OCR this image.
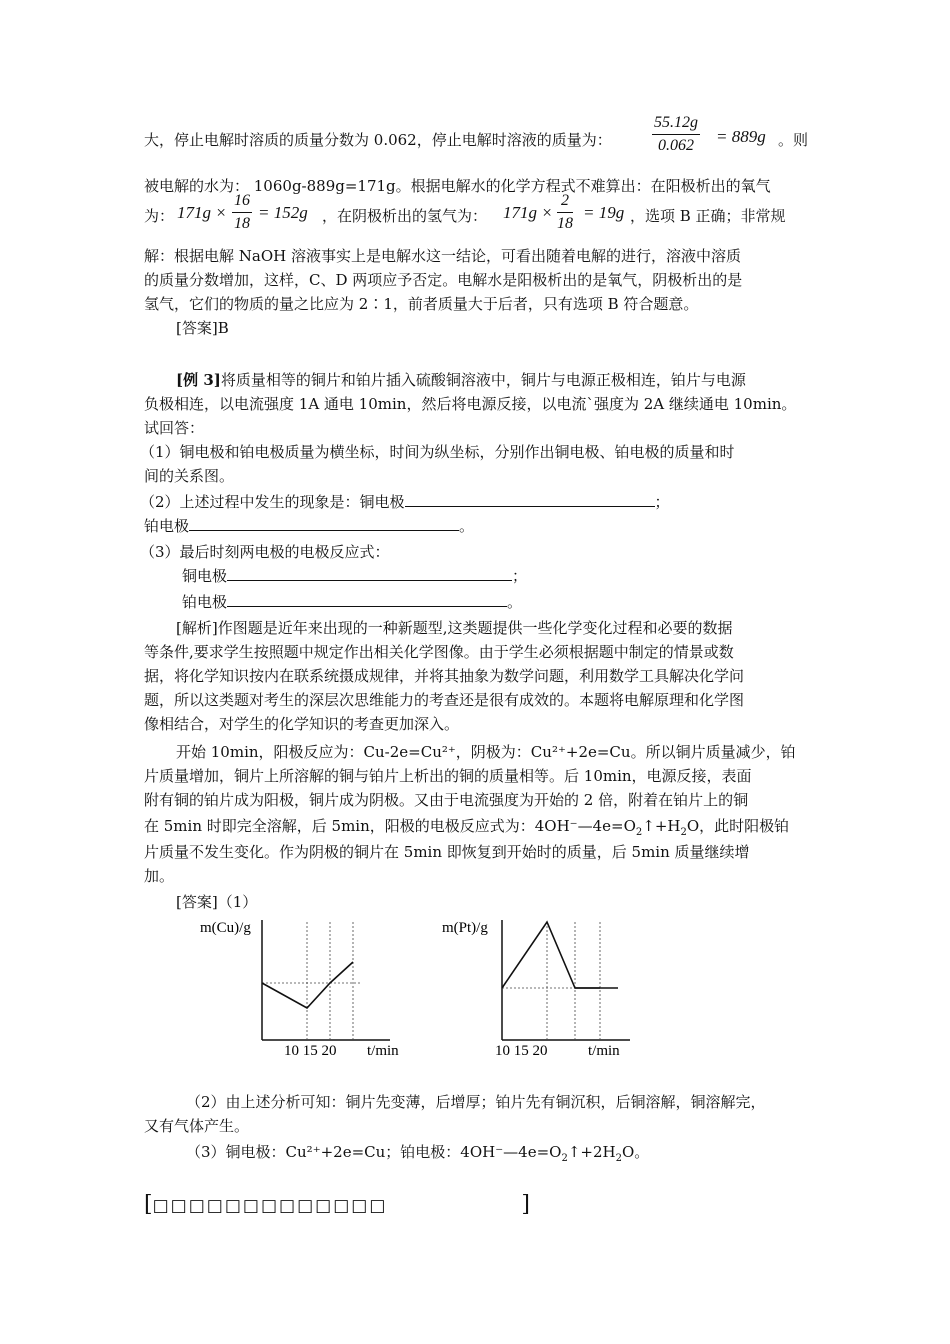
大，停止电解时溶质的质量分数为 0.062，停止电解时溶液的质量为：	$\frac{55.12g}{0.062} = 889g$ 。则
被电解的水为： 1060g-889g=171g。根据电解水的化学方程式不难算出：在阳极析出的氧气
为： $171g \times \frac{16}{18} = 152g$ ，在阴极析出的氢气为： $171g \times \frac{2}{18} = 19g$ ，选项 B 正确；非常规
解：根据电解 NaOH 溶液事实上是电解水这一结论，可看出随着电解的进行，溶液中溶质
的质量分数增加，这样，C、D 两项应予否定。电解水是阳极析出的是氧气，阴极析出的是
氢气，它们的物质的量之比应为 2∶1，前者质量大于后者，只有选项 B 符合题意。
[答案]B
[例 3]将质量相等的铜片和铂片插入硫酸铜溶液中，铜片与电源正极相连，铂片与电源
负极相连，以电流强度 1A 通电 10min，然后将电源反接，以电流`强度为 2A 继续通电 10min。
试回答：
（1）铜电极和铂电极质量为横坐标，时间为纵坐标，分别作出铜电极、铂电极的质量和时
间的关系图。
（2）上述过程中发生的现象是：铜电极	；
铂电极	。
（3）最后时刻两电极的电极反应式：
铜电极	；
铂电极	。
[解析]作图题是近年来出现的一种新题型,这类题提供一些化学变化过程和必要的数据
等条件,要求学生按照题中规定作出相关化学图像。由于学生必须根据题中制定的情景或数
据，将化学知识按内在联系统摄成规律，并将其抽象为数学问题，利用数学工具解决化学问
题，所以这类题对考生的深层次思维能力的考查还是很有成效的。本题将电解原理和化学图
像相结合，对学生的化学知识的考查更加深入。
开始 10min，阳极反应为：Cu-2e=Cu²⁺，阴极为：Cu²⁺+2e=Cu。所以铜片质量减少，铂
片质量增加，铜片上所溶解的铜与铂片上析出的铜的质量相等。后 10min，电源反接，表面
附有铜的铂片成为阳极，铜片成为阴极。又由于电流强度为开始的 2 倍，附着在铂片上的铜
在 5min 时即完全溶解，后 5min，阳极的电极反应式为：$4OH^-—4e=O_2↑+H_2O$，此时阳极铂
片质量不发生变化。作为阴极的铜片在 5min 即恢复到开始时的质量，后 5min 质量继续增
加。
[答案]（1）
m(Cu)/g	m(Pt)/g
10 15 20 t/min	10 15 20	t/min
（2）由上述分析可知：铜片先变薄，后增厚；铂片先有铜沉积，后铜溶解，铜溶解完，
又有气体产生。
（3）铜电极：Cu²⁺+2e=Cu；铂电极：$4OH^-—4e=O_2↑+2H_2O$。
[□□□□□□□□□□□□□	]
